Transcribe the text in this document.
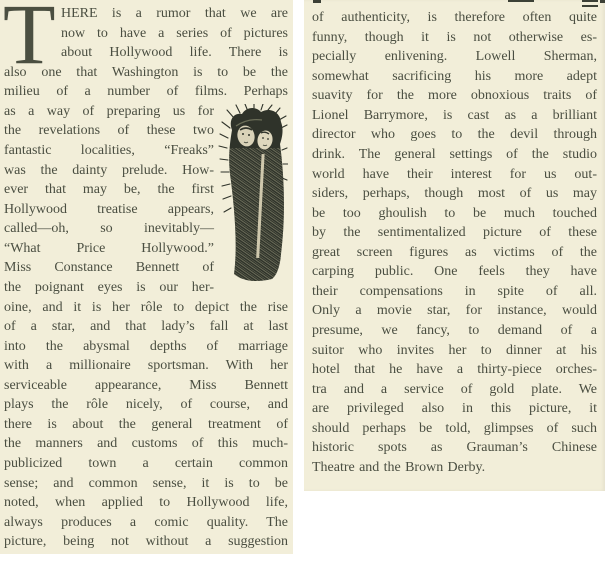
T HERE is a rumor that we are
now to have a series of pictures
about Hollywood life. There is
also one that Washington is to be the
milieu of a number of films. Perhaps
as a way of preparing us for
the revelations of these two
fantastic localities, “Freaks”
was the dainty prelude. How-
ever that may be, the first
Hollywood treatise appears,
called—oh, so inevitably—
“What Price Hollywood.”
Miss Constance Bennett of
the poignant eyes is our her-
oine, and it is her rôle to depict the rise
of a star, and that lady’s fall at last
into the abysmal depths of marriage
with a millionaire sportsman. With her
serviceable appearance, Miss Bennett
plays the rôle nicely, of course, and
there is about the general treatment of
the manners and customs of this much-
publicized town a certain common
sense; and common sense, it is to be
noted, when applied to Hollywood life,
always produces a comic quality. The
picture, being not without a suggestion
of authenticity, is therefore often quite
funny, though it is not otherwise es-
pecially enlivening. Lowell Sherman,
somewhat sacrificing his more adept
suavity for the more obnoxious traits of
Lionel Barrymore, is cast as a brilliant
director who goes to the devil through
drink. The general settings of the studio
world have their interest for us out-
siders, perhaps, though most of us may
be too ghoulish to be much touched
by the sentimentalized picture of these
great screen figures as victims of the
carping public. One feels they have
their compensations in spite of all.
Only a movie star, for instance, would
presume, we fancy, to demand of a
suitor who invites her to dinner at his
hotel that he have a thirty-piece orches-
tra and a service of gold plate. We
are privileged also in this picture, it
should perhaps be told, glimpses of such
historic spots as Grauman’s Chinese
Theatre and the Brown Derby.
